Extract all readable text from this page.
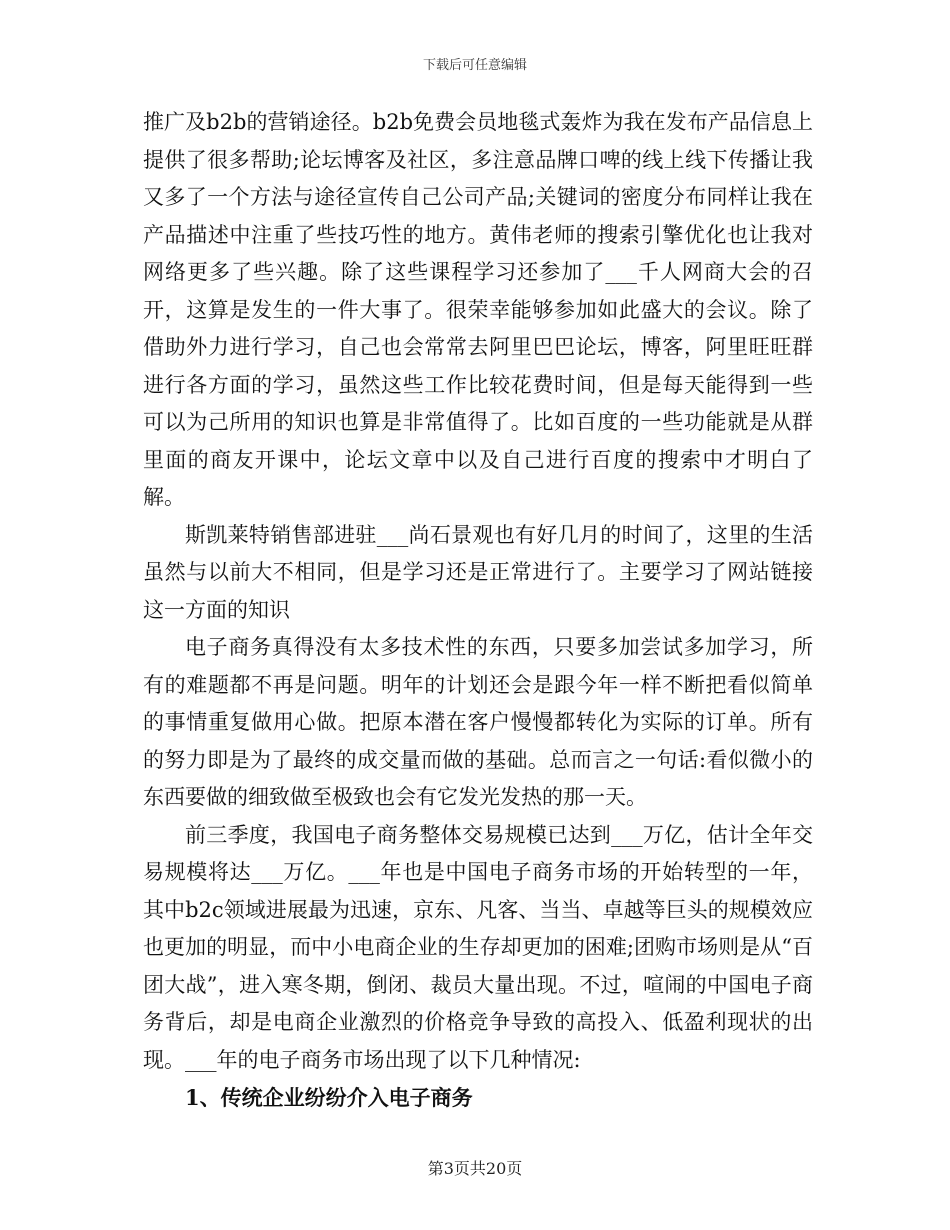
下载后可任意编辑

推广及b2b的营销途径。b2b免费会员地毯式轰炸为我在发布产品信息上提供了很多帮助;论坛博客及社区，多注意品牌口啤的线上线下传播让我又多了一个方法与途径宣传自己公司产品;关键词的密度分布同样让我在产品描述中注重了些技巧性的地方。黄伟老师的搜索引擎优化也让我对网络更多了些兴趣。除了这些课程学习还参加了___千人网商大会的召开，这算是发生的一件大事了。很荣幸能够参加如此盛大的会议。除了借助外力进行学习，自己也会常常去阿里巴巴论坛，博客，阿里旺旺群进行各方面的学习，虽然这些工作比较花费时间，但是每天能得到一些可以为己所用的知识也算是非常值得了。比如百度的一些功能就是从群里面的商友开课中，论坛文章中以及自己进行百度的搜索中才明白了解。

斯凯莱特销售部进驻___尚石景观也有好几月的时间了，这里的生活虽然与以前大不相同，但是学习还是正常进行了。主要学习了网站链接这一方面的知识

电子商务真得没有太多技术性的东西，只要多加尝试多加学习，所有的难题都不再是问题。明年的计划还会是跟今年一样不断把看似简单的事情重复做用心做。把原本潜在客户慢慢都转化为实际的订单。所有的努力即是为了最终的成交量而做的基础。总而言之一句话:看似微小的东西要做的细致做至极致也会有它发光发热的那一天。

前三季度，我国电子商务整体交易规模已达到___万亿，估计全年交易规模将达___万亿。___年也是中国电子商务市场的开始转型的一年，其中b2c领域进展最为迅速，京东、凡客、当当、卓越等巨头的规模效应也更加的明显，而中小电商企业的生存却更加的困难;团购市场则是从“百团大战”，进入寒冬期，倒闭、裁员大量出现。不过，喧闹的中国电子商务背后，却是电商企业激烈的价格竞争导致的高投入、低盈利现状的出现。___年的电子商务市场出现了以下几种情况:

1、传统企业纷纷介入电子商务

第3页共20页
